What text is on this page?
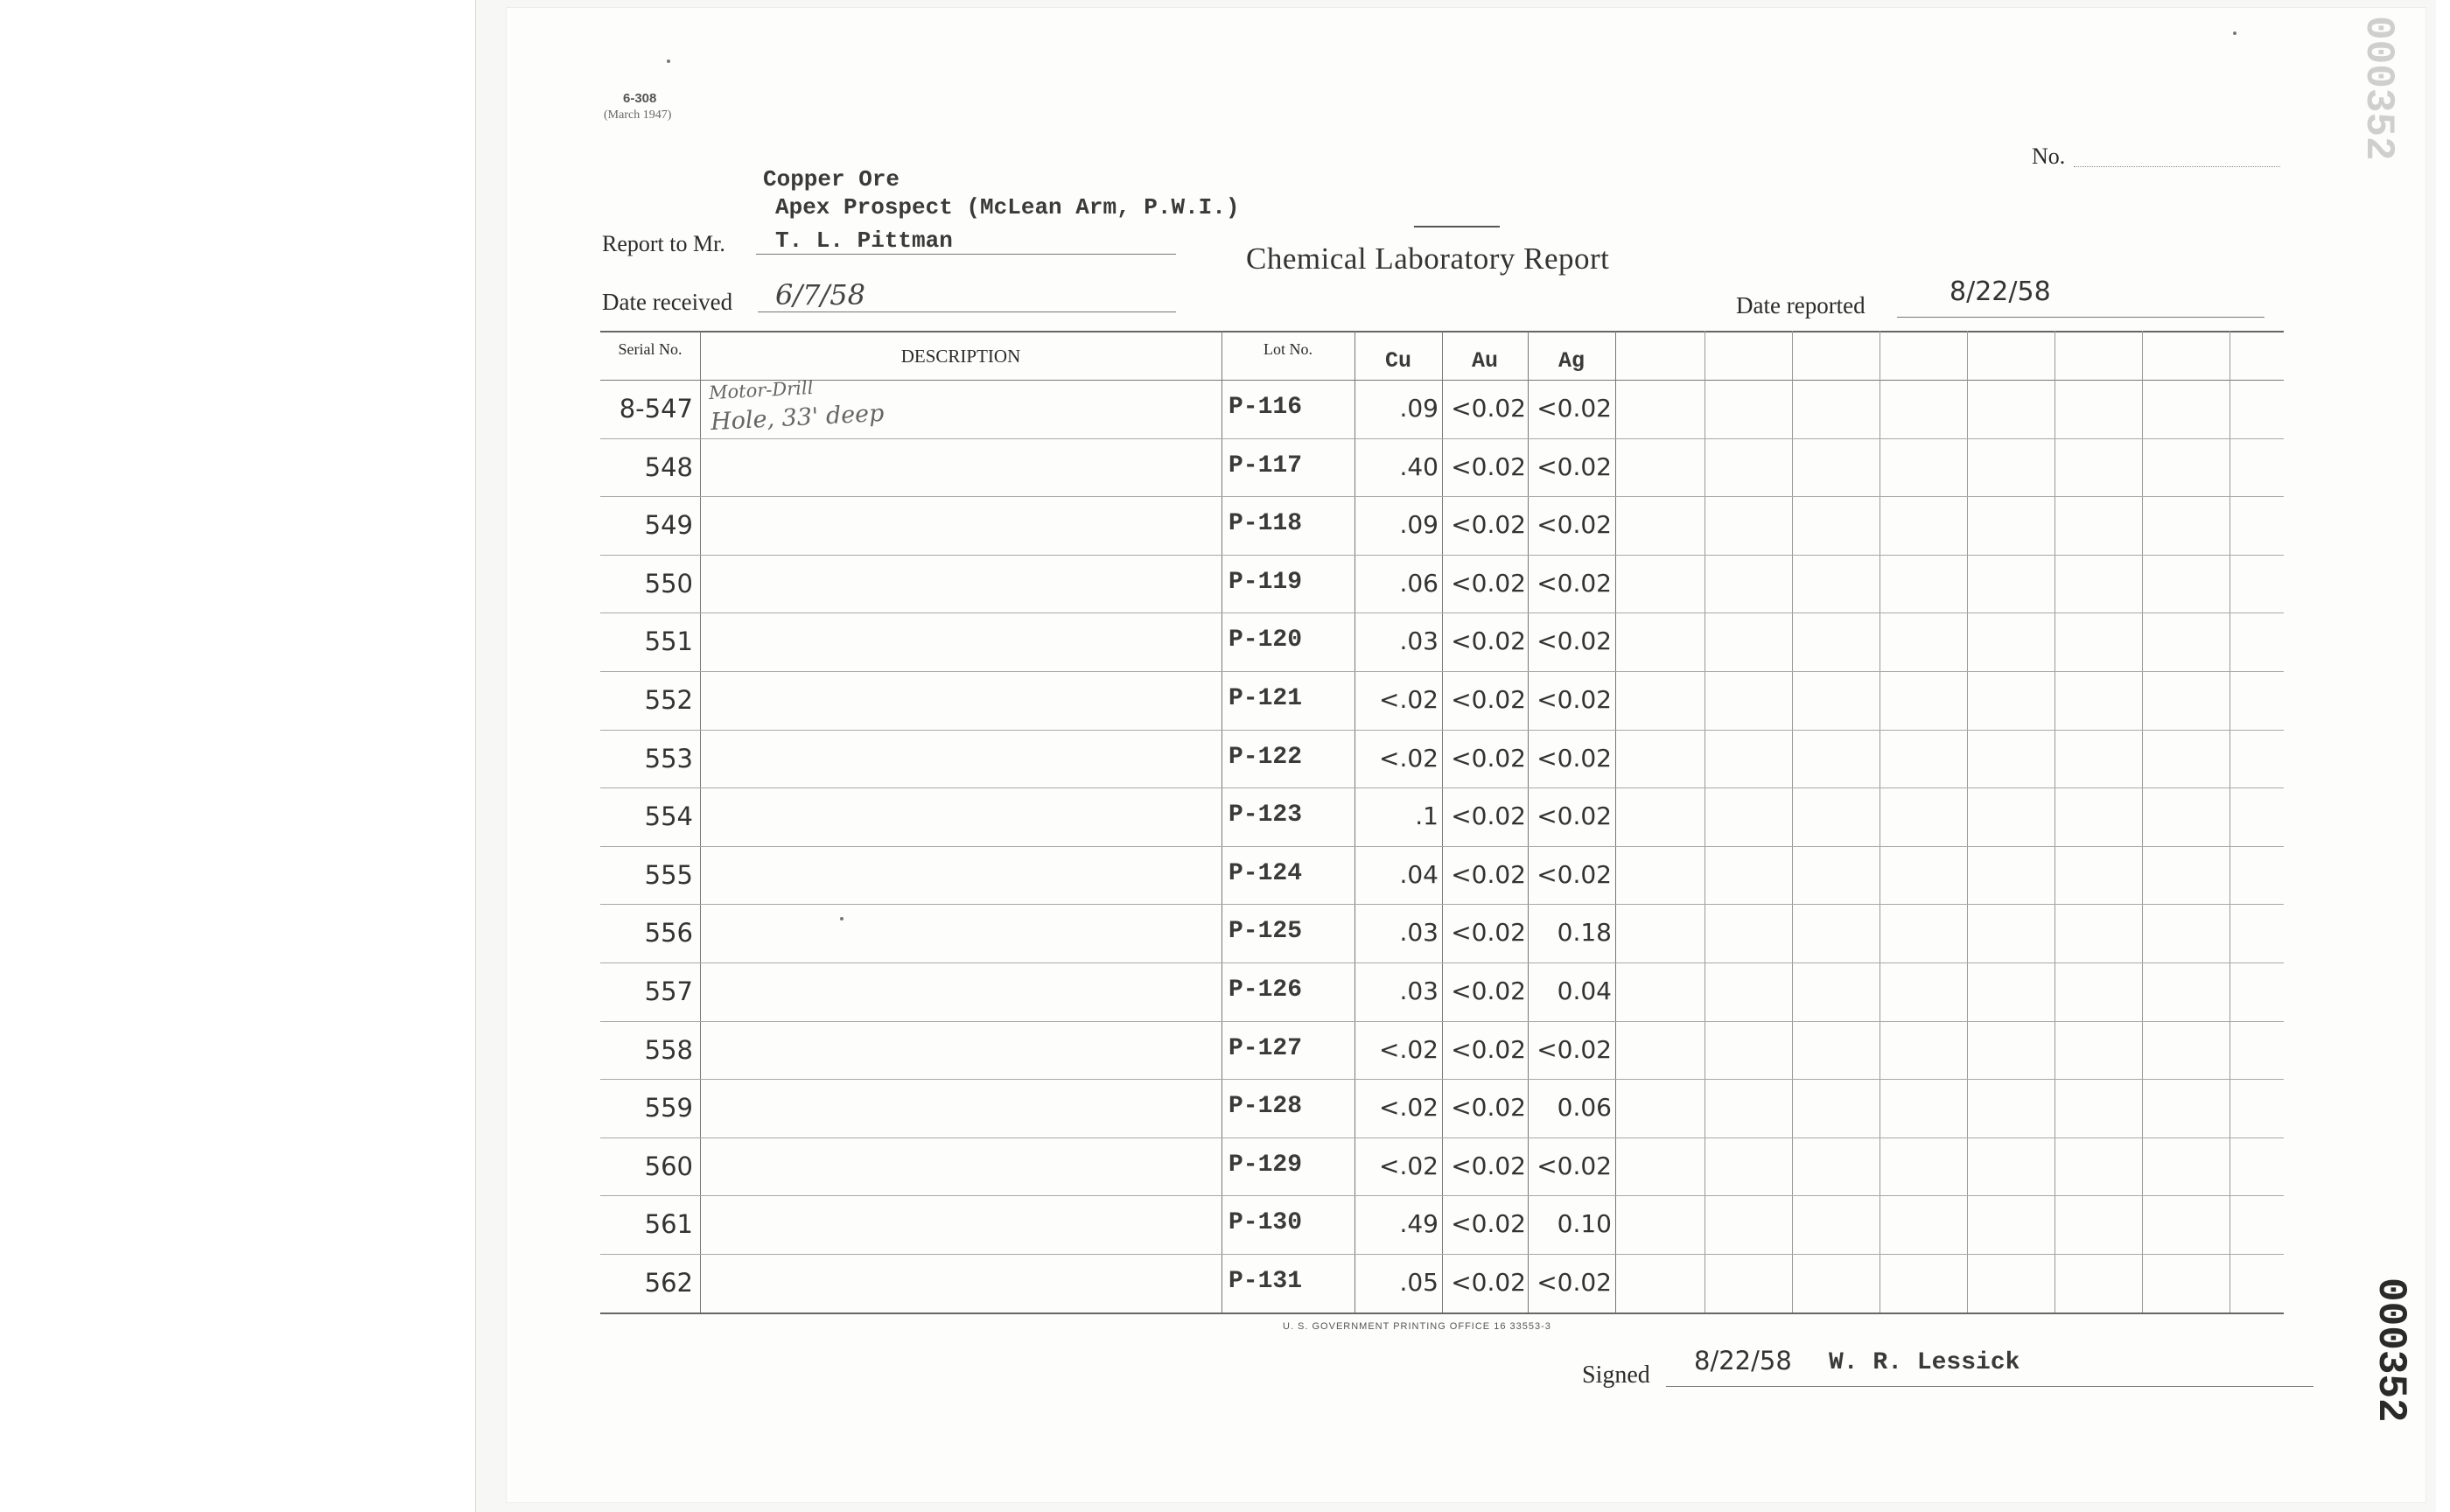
6-308
(March 1947)
No.
Copper Ore
Apex Prospect (McLean Arm, P.W.I.)
Report to Mr. T. L. Pittman
Chemical Laboratory Report
Date received 6/7/58	Date reported	8/22/58
Serial No.	DESCRIPTION	Lot No.	Cu	Au	Ag
Motor-Drill
Hole, 33' deep
8-547	P-116	.09 <0.02 <0.02
548	P-117	.40 <0.02 <0.02
549	P-118	.09 <0.02 <0.02
550	P-119	.06 <0.02 <0.02
551	P-120	.03 <0.02 <0.02
552	P-121	<.02 <0.02 <0.02
553	P-122	<.02 <0.02 <0.02
554	P-123	.1 <0.02 <0.02
555	P-124	.04 <0.02 <0.02
556	P-125	.03 <0.02	0.18
557	P-126	.03 <0.02	0.04
558	P-127	<.02 <0.02 <0.02
559	P-128	<.02 <0.02	0.06
560	P-129	<.02 <0.02 <0.02
561	P-130	.49 <0.02	0.10
562	P-131	.05 <0.02 <0.02
U. S. GOVERNMENT PRINTING OFFICE 16 33553-3
Signed 8/22/58 W. R. Lessick
000352
000352
